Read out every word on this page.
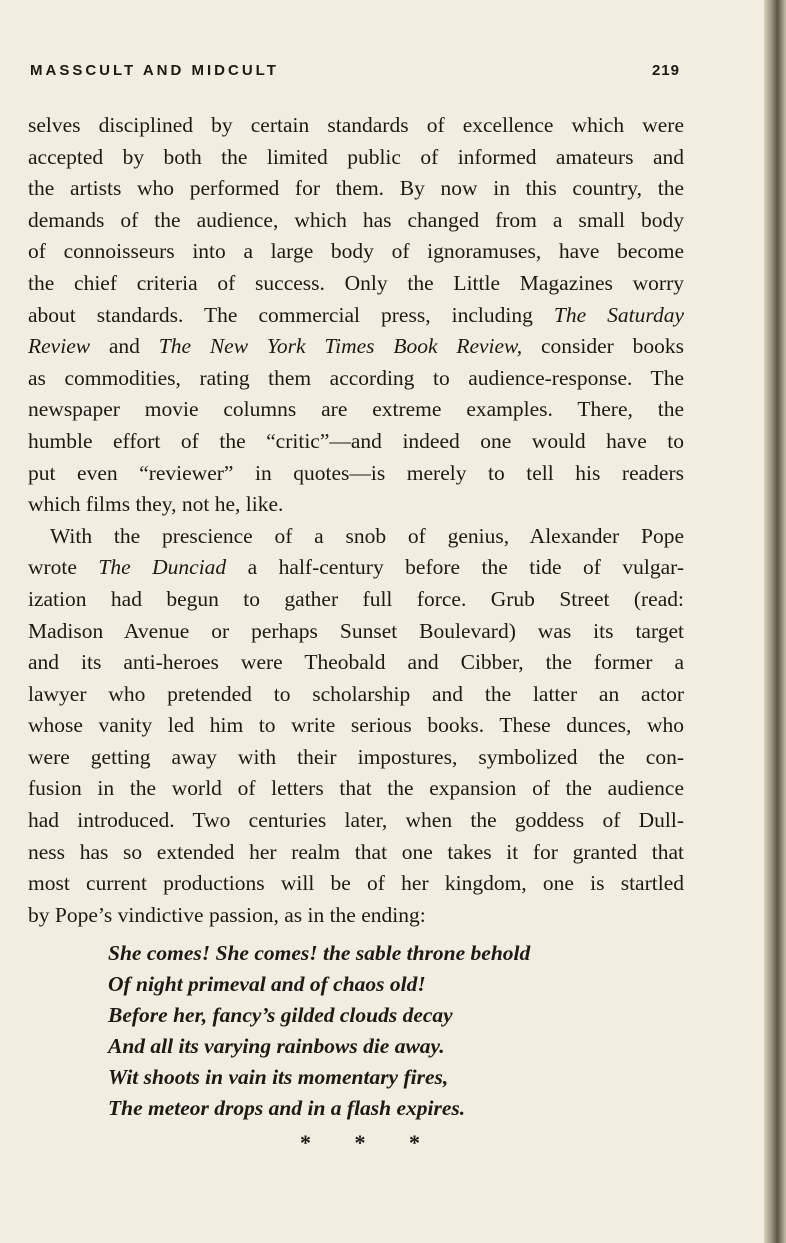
MASSCULT AND MIDCULT	219
selves disciplined by certain standards of excellence which were
accepted by both the limited public of informed amateurs and
the artists who performed for them. By now in this country, the
demands of the audience, which has changed from a small body
of connoisseurs into a large body of ignoramuses, have become
the chief criteria of success. Only the Little Magazines worry
about standards. The commercial press, including The Saturday
Review and The New York Times Book Review, consider books
as commodities, rating them according to audience-response. The
newspaper movie columns are extreme examples. There, the
humble effort of the “critic”—and indeed one would have to
put even “reviewer” in quotes—is merely to tell his readers
which films they, not he, like.
With the prescience of a snob of genius, Alexander Pope
wrote The Dunciad a half-century before the tide of vulgar-
ization had begun to gather full force. Grub Street (read:
Madison Avenue or perhaps Sunset Boulevard) was its target
and its anti-heroes were Theobald and Cibber, the former a
lawyer who pretended to scholarship and the latter an actor
whose vanity led him to write serious books. These dunces, who
were getting away with their impostures, symbolized the con-
fusion in the world of letters that the expansion of the audience
had introduced. Two centuries later, when the goddess of Dull-
ness has so extended her realm that one takes it for granted that
most current productions will be of her kingdom, one is startled
by Pope’s vindictive passion, as in the ending:
She comes! She comes! the sable throne behold
Of night primeval and of chaos old!
Before her, fancy’s gilded clouds decay
And all its varying rainbows die away.
Wit shoots in vain its momentary fires,
The meteor drops and in a flash expires.
* * *
